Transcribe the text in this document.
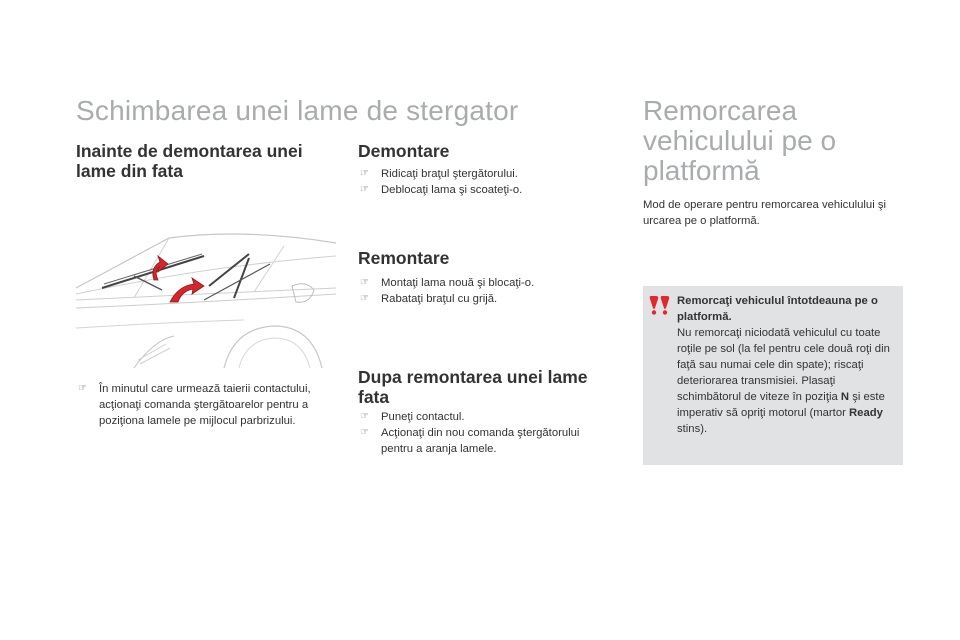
Schimbarea unei lame de stergator
Inainte de demontarea unei lame din fata
☞ În minutul care urmează taierii contactului, acţionaţi comanda ştergătoarelor pentru a poziţiona lamele pe mijlocul parbrizului.
Demontare
☞ Ridicaţi braţul ştergătorului.
☞ Deblocaţi lama şi scoateţi-o.
Remontare
☞ Montaţi lama nouă şi blocaţi-o.
☞ Rabataţi braţul cu grijă.
Dupa remontarea unei lame fata
☞ Puneţi contactul.
☞ Acţionaţi din nou comanda ştergătorului pentru a aranja lamele.
Remorcarea vehiculului pe o platformă
Mod de operare pentru remorcarea vehiculului şi urcarea pe o platformă.
Remorcaţi vehiculul întotdeauna pe o platformă.
Nu remorcaţi niciodată vehiculul cu toate roţile pe sol (la fel pentru cele două roţi din faţă sau numai cele din spate); riscaţi deteriorarea transmisiei. Plasaţi schimbătorul de viteze în poziţia N şi este imperativ să opriţi motorul (martor Ready stins).
